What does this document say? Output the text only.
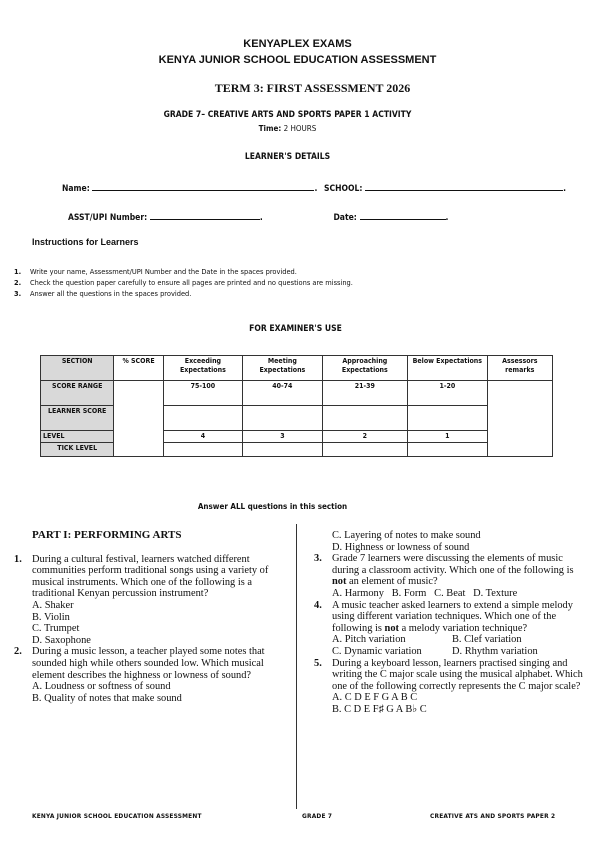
KENYAPLEX EXAMS
KENYA JUNIOR SCHOOL EDUCATION ASSESSMENT
TERM 3: FIRST ASSESSMENT 2026
GRADE 7– CREATIVE ARTS AND SPORTS PAPER 1 ACTIVITY
Time: 2 HOURS
LEARNER'S DETAILS
Name:	. SCHOOL:	.
ASST/UPI Number:	.	Date:	.
Instructions for Learners
1. Write your name, Assessment/UPI Number and the Date in the spaces provided.
2. Check the question paper carefully to ensure all pages are printed and no questions are missing.
3. Answer all the questions in the spaces provided.
FOR EXAMINER'S USE
SECTION	% SCORE	Exceeding Expectations	Meeting Expectations	Approaching Expectations	Below Expectations	Assessors remarks
SCORE RANGE		75-100	40-74	21-39	1-20	
LEARNER SCORE						
LEVEL		4	3	2	1	
TICK LEVEL						
Answer ALL questions in this section
PART I: PERFORMING ARTS
1. During a cultural festival, learners watched different communities perform traditional songs using a variety of musical instruments. Which one of the following is a traditional Kenyan percussion instrument?
A. Shaker
B. Violin
C. Trumpet
D. Saxophone
2. During a music lesson, a teacher played some notes that sounded high while others sounded low. Which musical element describes the highness or lowness of sound?
A. Loudness or softness of sound
B. Quality of notes that make sound
C. Layering of notes to make sound
D. Highness or lowness of sound
3. Grade 7 learners were discussing the elements of music during a classroom activity. Which one of the following is not an element of music?
A. Harmony   B. Form   C. Beat   D. Texture
4. A music teacher asked learners to extend a simple melody using different variation techniques. Which one of the following is not a melody variation technique?
A. Pitch variation	B. Clef variation
C. Dynamic variation	D. Rhythm variation
5. During a keyboard lesson, learners practised singing and writing the C major scale using the musical alphabet. Which one of the following correctly represents the C major scale?
A. C D E F G A B C
B. C D E F♯ G A B♭ C
KENYA JUNIOR SCHOOL EDUCATION ASSESSMENT	GRADE 7	CREATIVE ATS AND SPORTS PAPER 2
